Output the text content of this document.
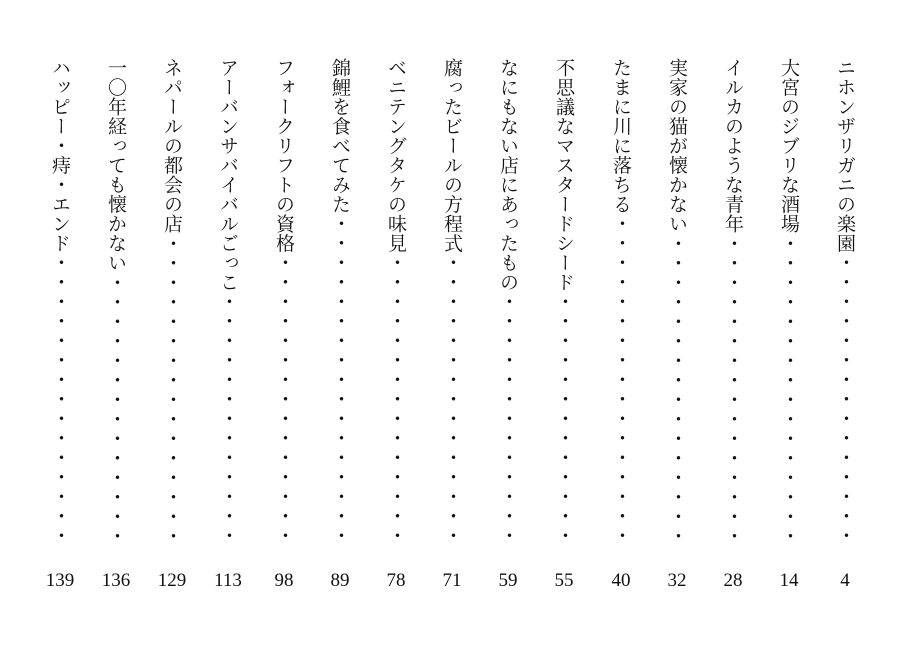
ニホンザリガニの楽園・・・・・・・・・・・・・・・
4
大宮のジブリな酒場・・・・・・・・・・・・・・・・
14
イルカのような青年・・・・・・・・・・・・・・・・
28
実家の猫が懐かない・・・・・・・・・・・・・・・・
32
たまに川に落ちる・・・・・・・・・・・・・・・・・
40
不思議なマスタードシード・・・・・・・・・・・・・
55
なにもない店にあったもの・・・・・・・・・・・・・
59
腐ったビールの方程式・・・・・・・・・・・・・・・
71
ベニテングタケの味見・・・・・・・・・・・・・・・
78
錦鯉を食べてみた・・・・・・・・・・・・・・・・・
89
フォークリフトの資格・・・・・・・・・・・・・・・
98
アーバンサバイバルごっこ・・・・・・・・・・・・・
113
ネパールの都会の店・・・・・・・・・・・・・・・・
129
一〇年経っても懐かない・・・・・・・・・・・・・・
136
ハッピー・痔・エンド・・・・・・・・・・・・・・・
139
